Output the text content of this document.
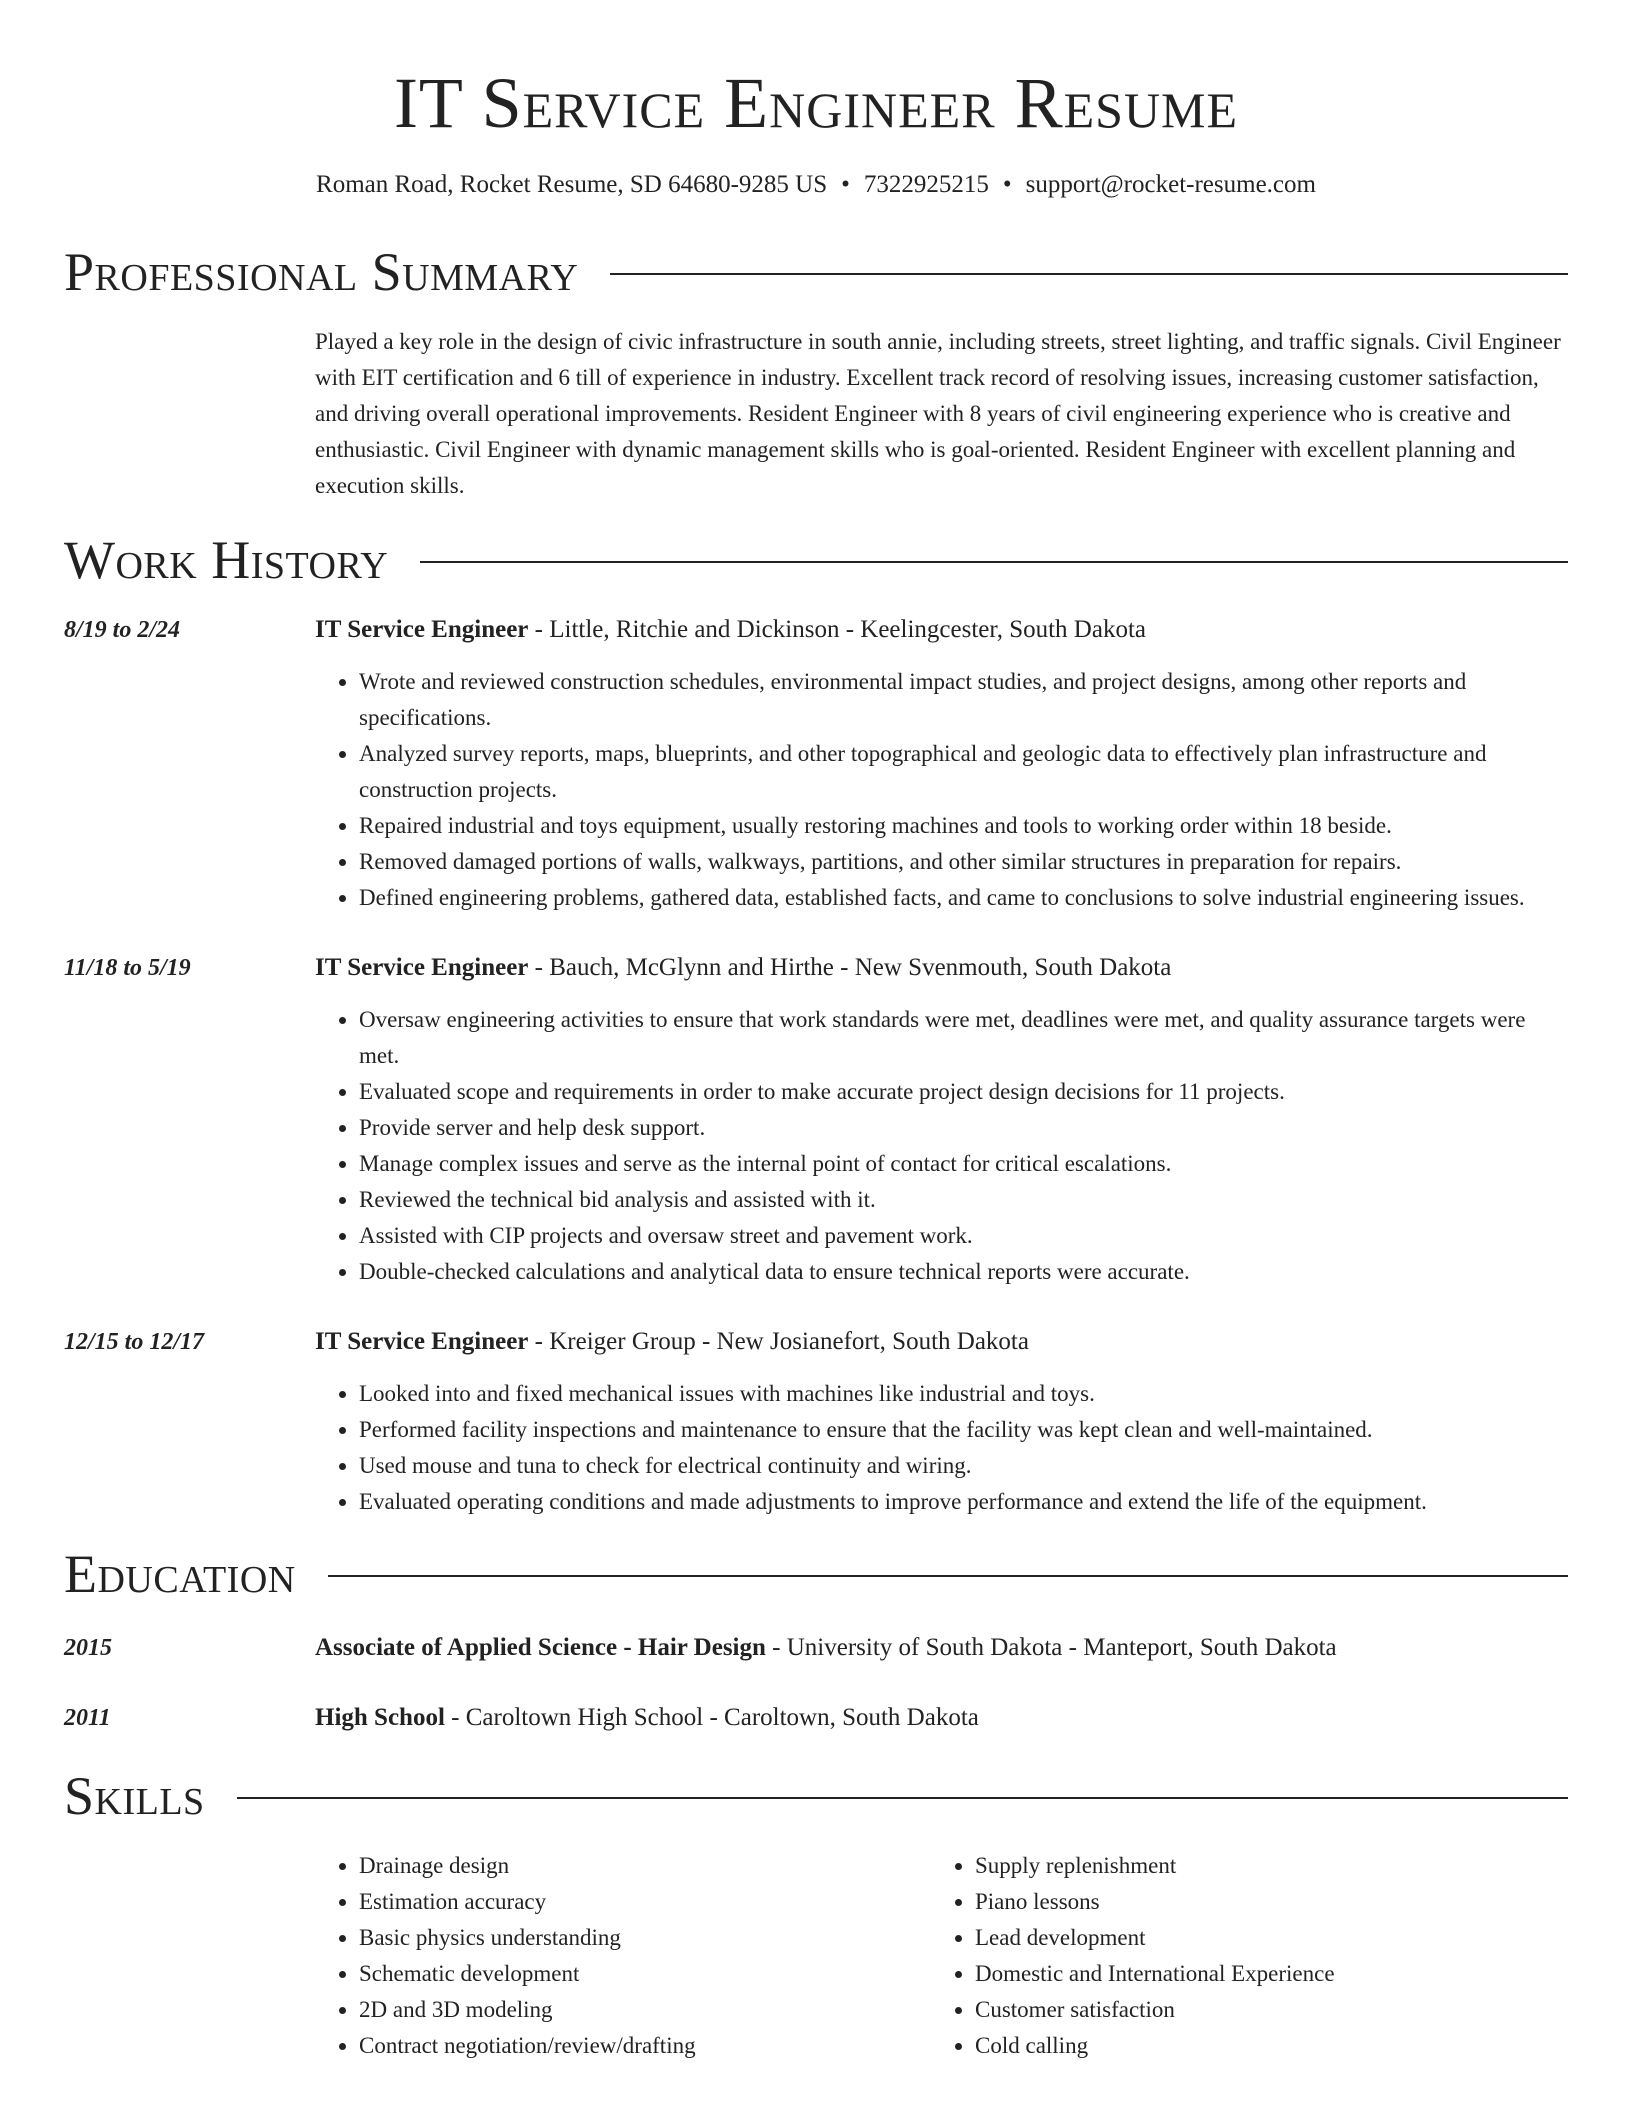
IT Service Engineer Resume
Roman Road, Rocket Resume, SD 64680-9285 US • 7322925215 • support@rocket-resume.com
Professional Summary

Played a key role in the design of civic infrastructure in south annie, including streets, street lighting, and traffic signals. Civil Engineer with EIT certification and 6 till of experience in industry. Excellent track record of resolving issues, increasing customer satisfaction, and driving overall operational improvements. Resident Engineer with 8 years of civil engineering experience who is creative and enthusiastic. Civil Engineer with dynamic management skills who is goal-oriented. Resident Engineer with excellent planning and execution skills.

Work History
8/19 to 2/24	IT Service Engineer - Little, Ritchie and Dickinson - Keelingcester, South Dakota
• Wrote and reviewed construction schedules, environmental impact studies, and project designs, among other reports and specifications.
• Analyzed survey reports, maps, blueprints, and other topographical and geologic data to effectively plan infrastructure and construction projects.
• Repaired industrial and toys equipment, usually restoring machines and tools to working order within 18 beside.
• Removed damaged portions of walls, walkways, partitions, and other similar structures in preparation for repairs.
• Defined engineering problems, gathered data, established facts, and came to conclusions to solve industrial engineering issues.
11/18 to 5/19	IT Service Engineer - Bauch, McGlynn and Hirthe - New Svenmouth, South Dakota
• Oversaw engineering activities to ensure that work standards were met, deadlines were met, and quality assurance targets were met.
• Evaluated scope and requirements in order to make accurate project design decisions for 11 projects.
• Provide server and help desk support.
• Manage complex issues and serve as the internal point of contact for critical escalations.
• Reviewed the technical bid analysis and assisted with it.
• Assisted with CIP projects and oversaw street and pavement work.
• Double-checked calculations and analytical data to ensure technical reports were accurate.
12/15 to 12/17	IT Service Engineer - Kreiger Group - New Josianefort, South Dakota
• Looked into and fixed mechanical issues with machines like industrial and toys.
• Performed facility inspections and maintenance to ensure that the facility was kept clean and well-maintained.
• Used mouse and tuna to check for electrical continuity and wiring.
• Evaluated operating conditions and made adjustments to improve performance and extend the life of the equipment.
Education
2015	Associate of Applied Science - Hair Design - University of South Dakota - Manteport, South Dakota
2011	High School - Caroltown High School - Caroltown, South Dakota
Skills
• Drainage design
• Estimation accuracy
• Basic physics understanding
• Schematic development
• 2D and 3D modeling
• Contract negotiation/review/drafting
• Supply replenishment
• Piano lessons
• Lead development
• Domestic and International Experience
• Customer satisfaction
• Cold calling
